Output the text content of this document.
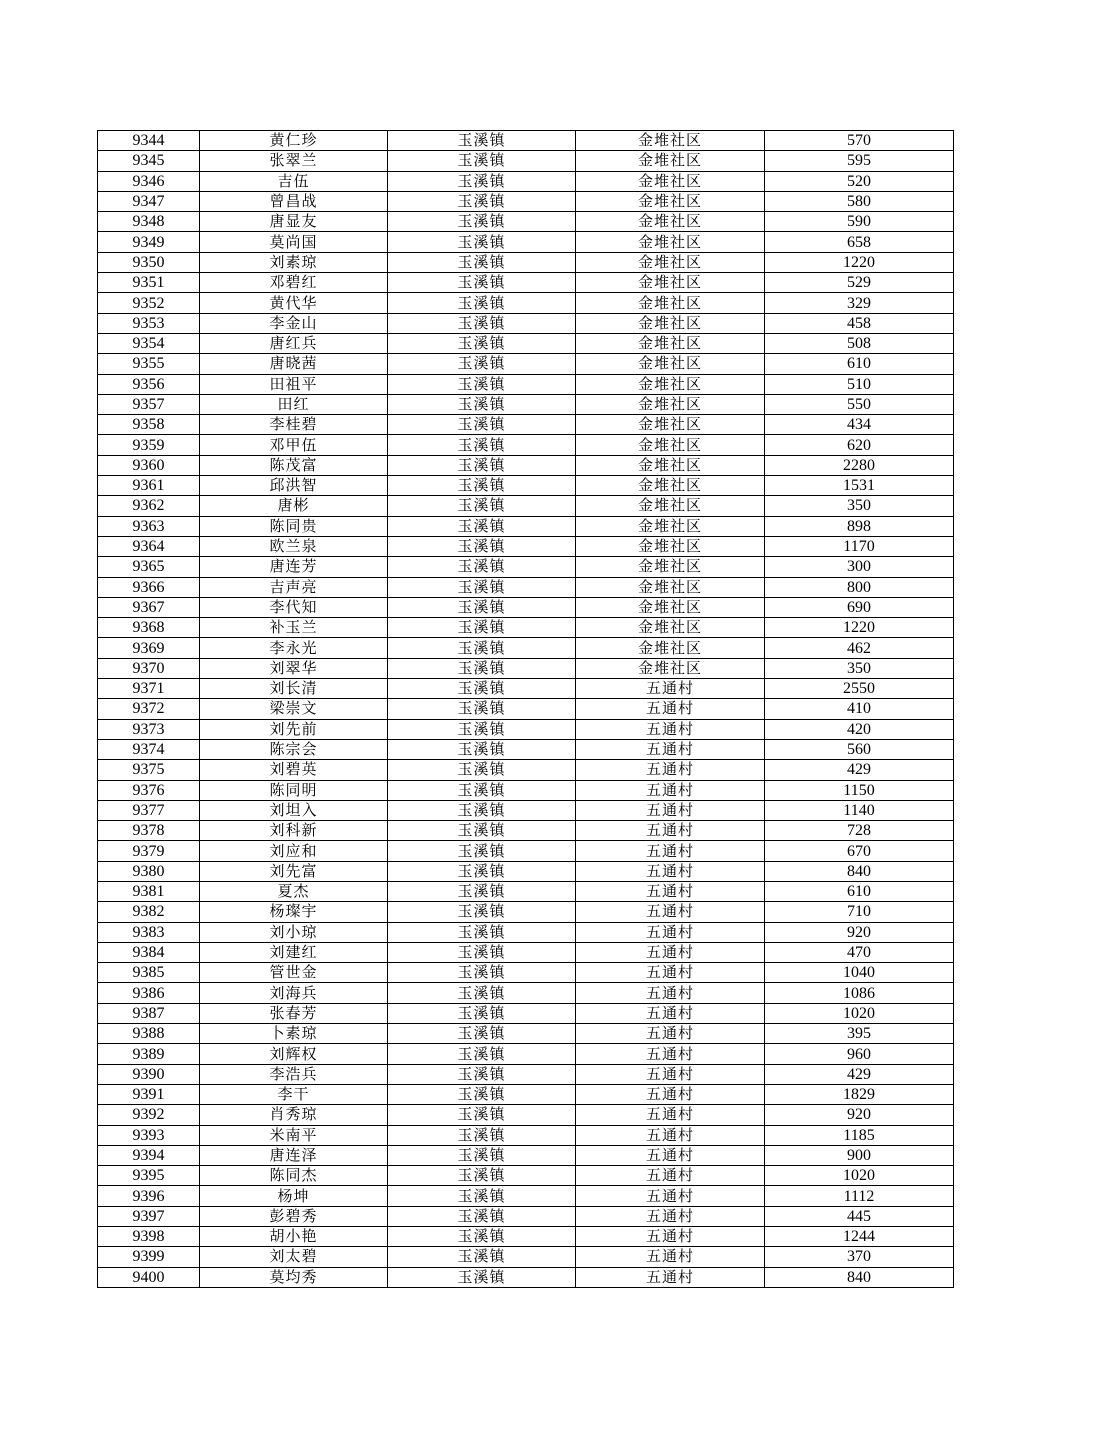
9344	黄仁珍	玉溪镇	金堆社区	570
9345	张翠兰	玉溪镇	金堆社区	595
9346	吉伍	玉溪镇	金堆社区	520
9347	曾昌战	玉溪镇	金堆社区	580
9348	唐显友	玉溪镇	金堆社区	590
9349	莫尚国	玉溪镇	金堆社区	658
9350	刘素琼	玉溪镇	金堆社区	1220
9351	邓碧红	玉溪镇	金堆社区	529
9352	黄代华	玉溪镇	金堆社区	329
9353	李金山	玉溪镇	金堆社区	458
9354	唐红兵	玉溪镇	金堆社区	508
9355	唐晓茜	玉溪镇	金堆社区	610
9356	田祖平	玉溪镇	金堆社区	510
9357	田红	玉溪镇	金堆社区	550
9358	李桂碧	玉溪镇	金堆社区	434
9359	邓甲伍	玉溪镇	金堆社区	620
9360	陈茂富	玉溪镇	金堆社区	2280
9361	邱洪智	玉溪镇	金堆社区	1531
9362	唐彬	玉溪镇	金堆社区	350
9363	陈同贵	玉溪镇	金堆社区	898
9364	欧兰泉	玉溪镇	金堆社区	1170
9365	唐连芳	玉溪镇	金堆社区	300
9366	吉声亮	玉溪镇	金堆社区	800
9367	李代知	玉溪镇	金堆社区	690
9368	补玉兰	玉溪镇	金堆社区	1220
9369	李永光	玉溪镇	金堆社区	462
9370	刘翠华	玉溪镇	金堆社区	350
9371	刘长清	玉溪镇	五通村	2550
9372	梁崇文	玉溪镇	五通村	410
9373	刘先前	玉溪镇	五通村	420
9374	陈宗会	玉溪镇	五通村	560
9375	刘碧英	玉溪镇	五通村	429
9376	陈同明	玉溪镇	五通村	1150
9377	刘坦入	玉溪镇	五通村	1140
9378	刘科新	玉溪镇	五通村	728
9379	刘应和	玉溪镇	五通村	670
9380	刘先富	玉溪镇	五通村	840
9381	夏杰	玉溪镇	五通村	610
9382	杨璨宇	玉溪镇	五通村	710
9383	刘小琼	玉溪镇	五通村	920
9384	刘建红	玉溪镇	五通村	470
9385	管世金	玉溪镇	五通村	1040
9386	刘海兵	玉溪镇	五通村	1086
9387	张春芳	玉溪镇	五通村	1020
9388	卜素琼	玉溪镇	五通村	395
9389	刘辉权	玉溪镇	五通村	960
9390	李浩兵	玉溪镇	五通村	429
9391	李干	玉溪镇	五通村	1829
9392	肖秀琼	玉溪镇	五通村	920
9393	米南平	玉溪镇	五通村	1185
9394	唐连泽	玉溪镇	五通村	900
9395	陈同杰	玉溪镇	五通村	1020
9396	杨坤	玉溪镇	五通村	1112
9397	彭碧秀	玉溪镇	五通村	445
9398	胡小艳	玉溪镇	五通村	1244
9399	刘太碧	玉溪镇	五通村	370
9400	莫均秀	玉溪镇	五通村	840
